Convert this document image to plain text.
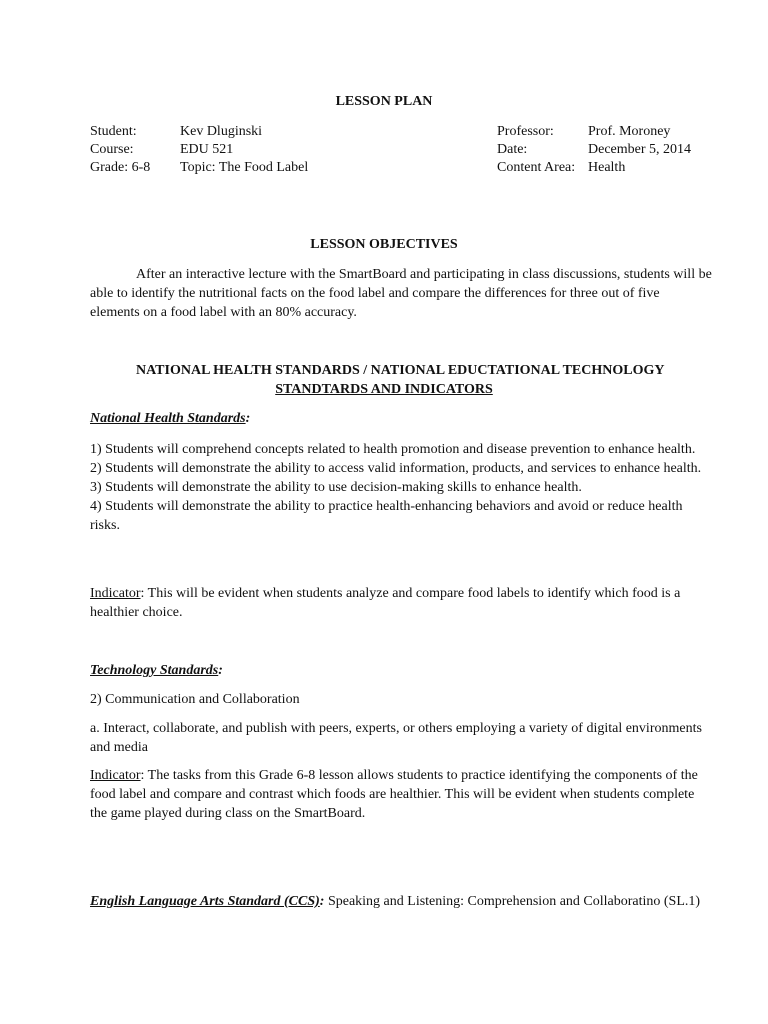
LESSON PLAN
Student:	Kev Dluginski
Course:	EDU 521
Grade: 6-8 Topic: The Food Label
Professor: Prof. Moroney
Date:	December 5, 2014
Content Area: Health
LESSON OBJECTIVES
After an interactive lecture with the SmartBoard and participating in class discussions, students will be able to identify the nutritional facts on the food label and compare the differences for three out of five elements on a food label with an 80% accuracy.
NATIONAL HEALTH STANDARDS / NATIONAL EDUCTATIONAL TECHNOLOGY
STANDTARDS AND INDICATORS
National Health Standards:
1) Students will comprehend concepts related to health promotion and disease prevention to enhance health.
2) Students will demonstrate the ability to access valid information, products, and services to enhance health.
3) Students will demonstrate the ability to use decision-making skills to enhance health.
4) Students will demonstrate the ability to practice health-enhancing behaviors and avoid or reduce health risks.
Indicator: This will be evident when students analyze and compare food labels to identify which food is a healthier choice.
Technology Standards:
2) Communication and Collaboration
a. Interact, collaborate, and publish with peers, experts, or others employing a variety of digital environments and media
Indicator: The tasks from this Grade 6-8 lesson allows students to practice identifying the components of the food label and compare and contrast which foods are healthier. This will be evident when students complete the game played during class on the SmartBoard.
English Language Arts Standard (CCS): Speaking and Listening: Comprehension and Collaboratino (SL.1)
